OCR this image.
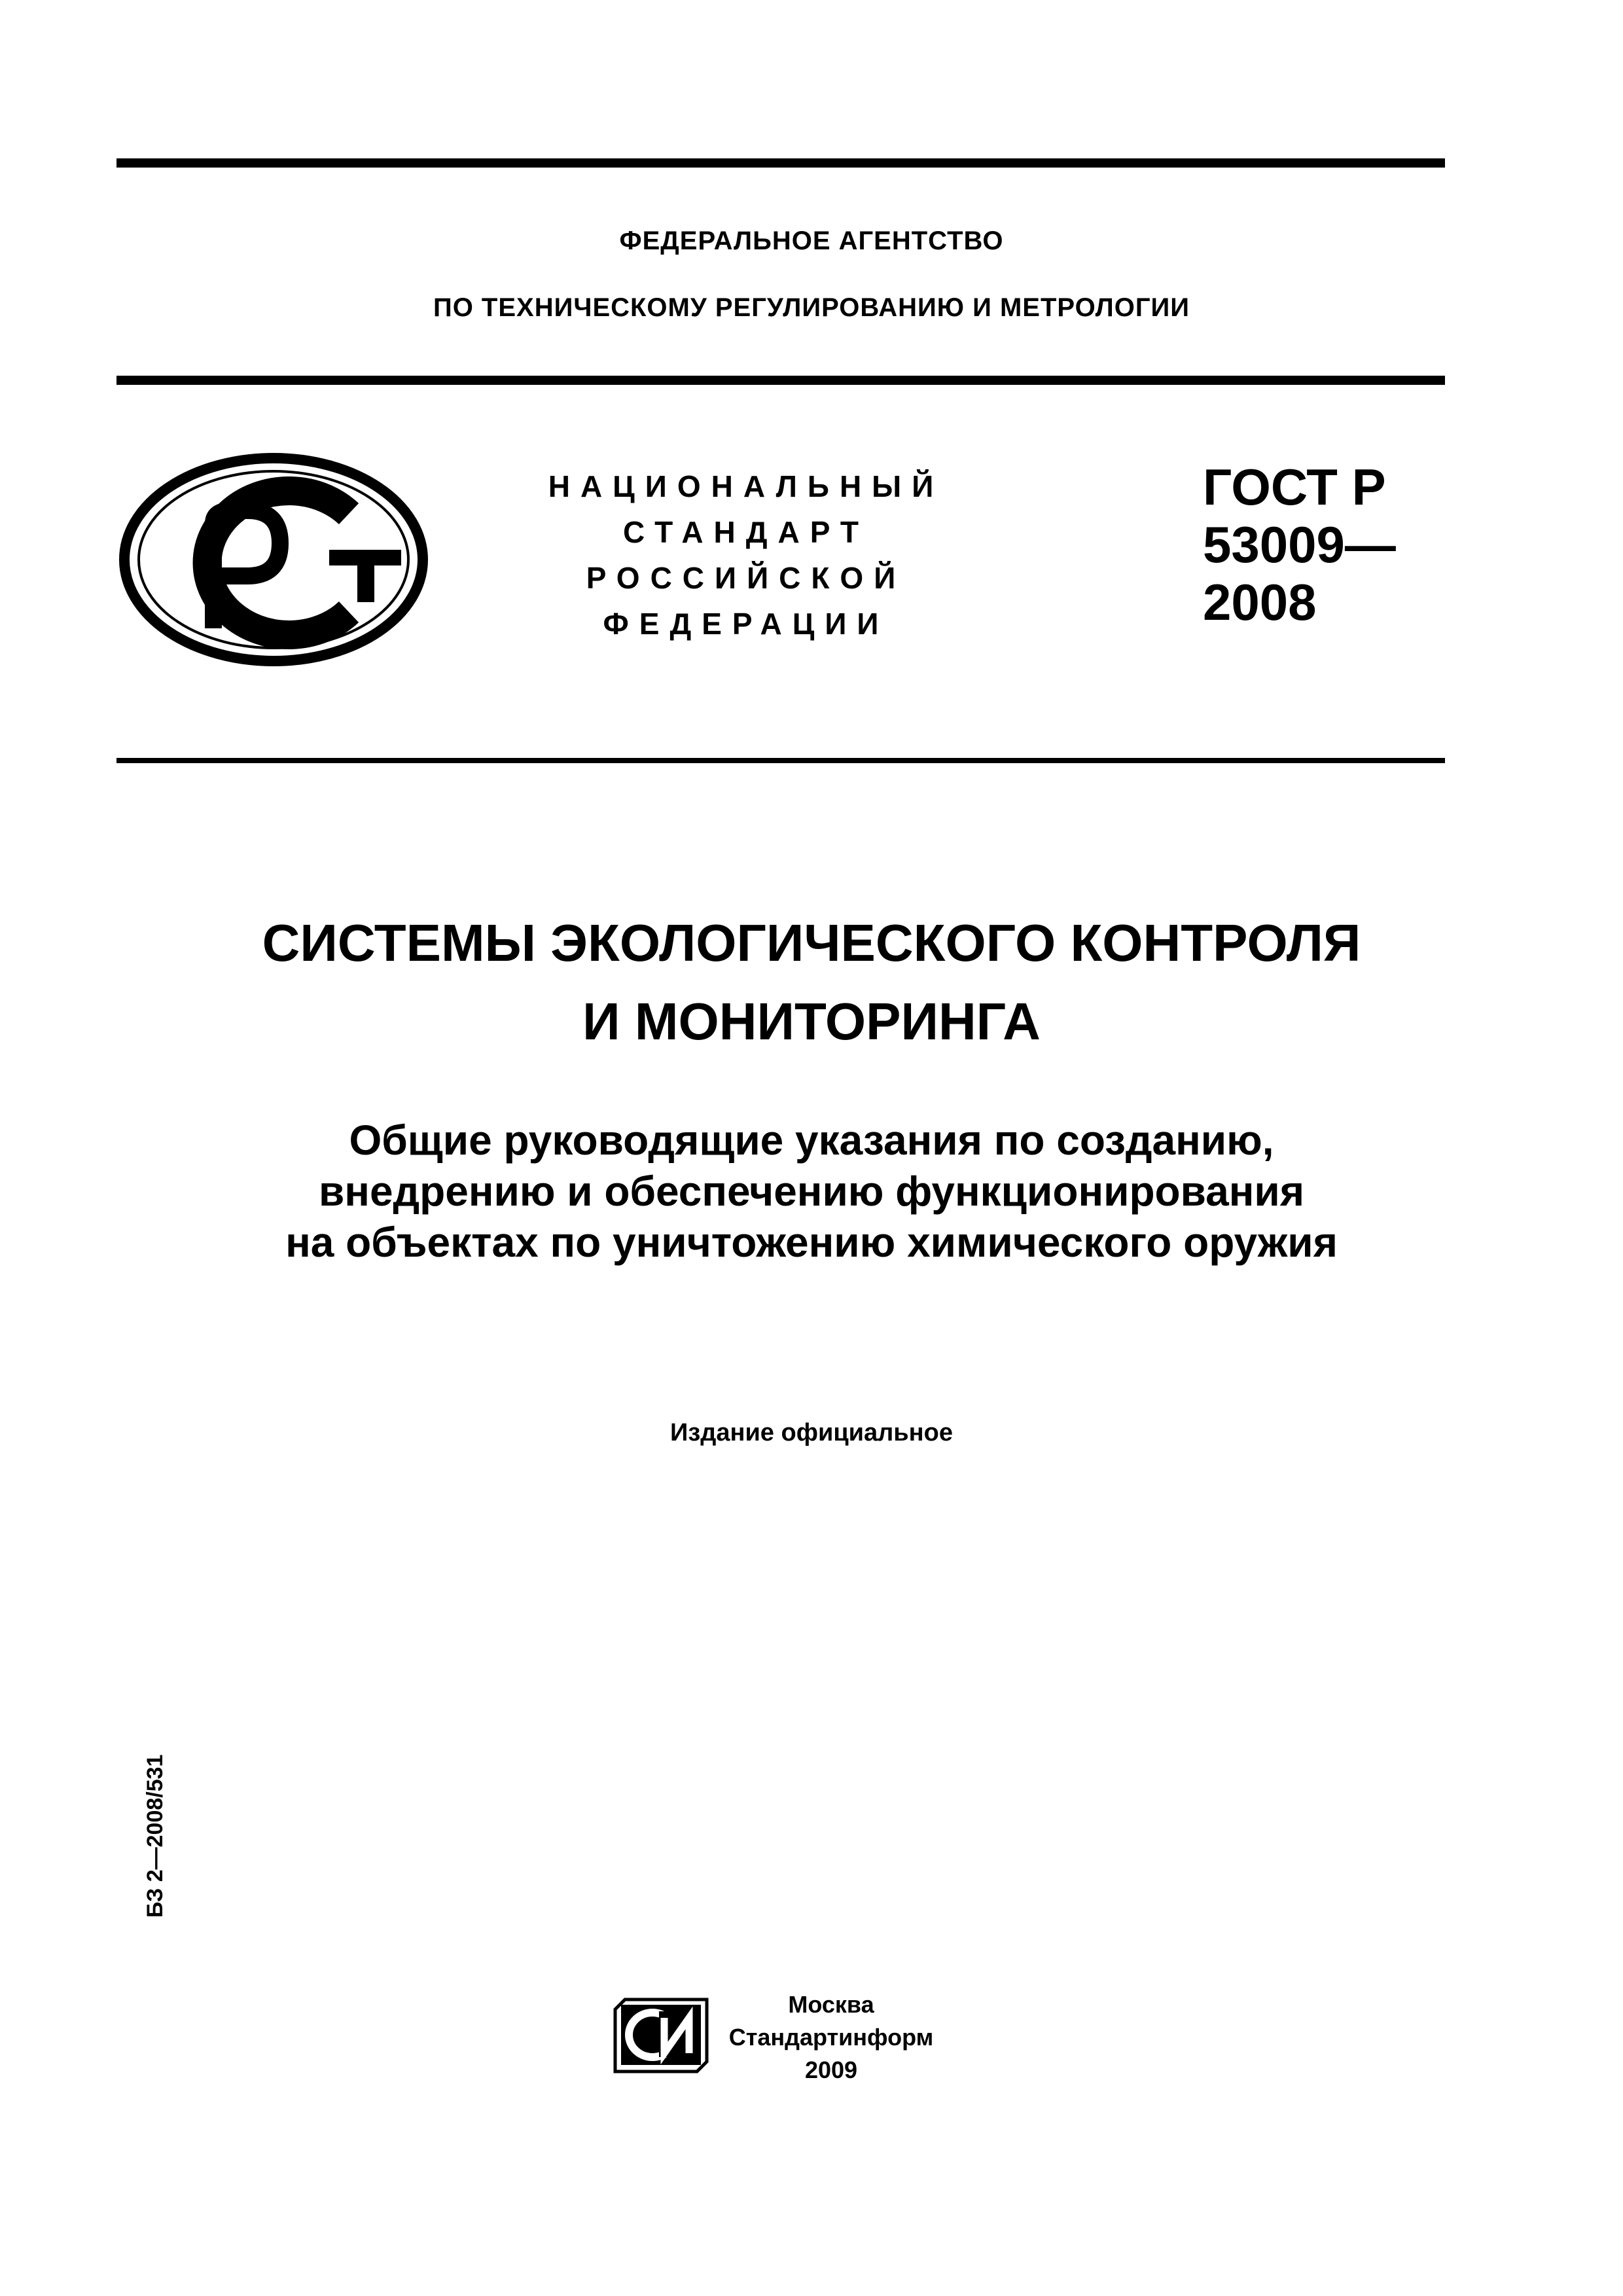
ФЕДЕРАЛЬНОЕ АГЕНТСТВО
ПО ТЕХНИЧЕСКОМУ РЕГУЛИРОВАНИЮ И МЕТРОЛОГИИ
НАЦИОНАЛЬНЫЙ
СТАНДАРТ
РОССИЙСКОЙ
ФЕДЕРАЦИИ
ГОСТ Р
53009—
2008
СИСТЕМЫ ЭКОЛОГИЧЕСКОГО КОНТРОЛЯ
И МОНИТОРИНГА
Общие руководящие указания по созданию,
внедрению и обеспечению функционирования
на объектах по уничтожению химического оружия
Издание официальное
БЗ 2—2008/531
Москва
Стандартинформ
2009
